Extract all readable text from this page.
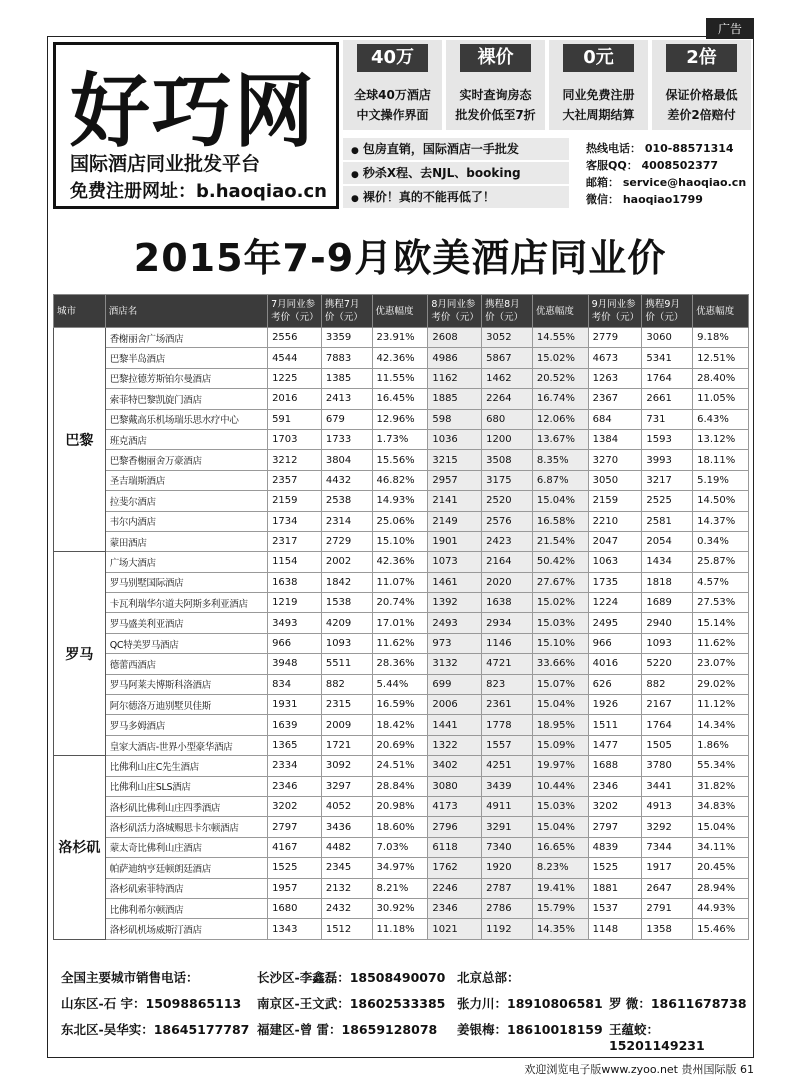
广告
好巧网
国际酒店同业批发平台
免费注册网址：b.haoqiao.cn
40万
全球40万酒店
中文操作界面
裸价
实时查询房态
批发价低至7折
0元
同业免费注册
大社周期结算
2倍
保证价格最低
差价2倍赔付
● 包房直销，国际酒店一手批发
● 秒杀X程、去NJL、booking
● 裸价！真的不能再低了！
热线电话： 010-88571314
客服QQ： 4008502377
邮箱： service@haoqiao.cn
微信： haoqiao1799
2015年7-9月欧美酒店同业价
城市	酒店名	7月同业参考价（元）	携程7月价（元）	优惠幅度	8月同业参考价（元）	携程8月价（元）	优惠幅度	9月同业参考价（元）	携程9月价（元）	优惠幅度
巴黎	香榭丽舍广场酒店	2556	3359	23.91%	2608	3052	14.55%	2779	3060	9.18%
	巴黎半岛酒店	4544	7883	42.36%	4986	5867	15.02%	4673	5341	12.51%
	巴黎拉德芳斯铂尔曼酒店	1225	1385	11.55%	1162	1462	20.52%	1263	1764	28.40%
	索菲特巴黎凯旋门酒店	2016	2413	16.45%	1885	2264	16.74%	2367	2661	11.05%
	巴黎戴高乐机场瑞乐思水疗中心	591	679	12.96%	598	680	12.06%	684	731	6.43%
	班克酒店	1703	1733	1.73%	1036	1200	13.67%	1384	1593	13.12%
	巴黎香榭丽舍万豪酒店	3212	3804	15.56%	3215	3508	8.35%	3270	3993	18.11%
	圣吉瑞斯酒店	2357	4432	46.82%	2957	3175	6.87%	3050	3217	5.19%
	拉斐尔酒店	2159	2538	14.93%	2141	2520	15.04%	2159	2525	14.50%
	韦尔内酒店	1734	2314	25.06%	2149	2576	16.58%	2210	2581	14.37%
	蒙田酒店	2317	2729	15.10%	1901	2423	21.54%	2047	2054	0.34%
罗马	广场大酒店	1154	2002	42.36%	1073	2164	50.42%	1063	1434	25.87%
	罗马别墅国际酒店	1638	1842	11.07%	1461	2020	27.67%	1735	1818	4.57%
	卡瓦利瑞华尔道夫阿斯多利亚酒店	1219	1538	20.74%	1392	1638	15.02%	1224	1689	27.53%
	罗马盛美利亚酒店	3493	4209	17.01%	2493	2934	15.03%	2495	2940	15.14%
	QC特美罗马酒店	966	1093	11.62%	973	1146	15.10%	966	1093	11.62%
	德蕾西酒店	3948	5511	28.36%	3132	4721	33.66%	4016	5220	23.07%
	罗马阿莱夫博斯科洛酒店	834	882	5.44%	699	823	15.07%	626	882	29.02%
	阿尔德洛万迪别墅贝佳斯	1931	2315	16.59%	2006	2361	15.04%	1926	2167	11.12%
	罗马多姆酒店	1639	2009	18.42%	1441	1778	18.95%	1511	1764	14.34%
	皇家大酒店-世界小型豪华酒店	1365	1721	20.69%	1322	1557	15.09%	1477	1505	1.86%
洛杉矶	比佛利山庄C先生酒店	2334	3092	24.51%	3402	4251	19.97%	1688	3780	55.34%
	比佛利山庄SLS酒店	2346	3297	28.84%	3080	3439	10.44%	2346	3441	31.82%
	洛杉矶比佛利山庄四季酒店	3202	4052	20.98%	4173	4911	15.03%	3202	4913	34.83%
	洛杉矶活力洛城赐思卡尔顿酒店	2797	3436	18.60%	2796	3291	15.04%	2797	3292	15.04%
	蒙太奇比佛利山庄酒店	4167	4482	7.03%	6118	7340	16.65%	4839	7344	34.11%
	帕萨迪纳亨廷顿朗廷酒店	1525	2345	34.97%	1762	1920	8.23%	1525	1917	20.45%
	洛杉矶索菲特酒店	1957	2132	8.21%	2246	2787	19.41%	1881	2647	28.94%
	比佛利希尔顿酒店	1680	2432	30.92%	2346	2786	15.79%	1537	2791	44.93%
	洛杉矶机场威斯汀酒店	1343	1512	11.18%	1021	1192	14.35%	1148	1358	15.46%
全国主要城市销售电话：	长沙区-李鑫磊：18508490070 北京总部：
山东区-石 宇：15098865113 南京区-王文武：18602533385 张力川：18910806581 罗 微：18611678738
东北区-吴华实：18645177787 福建区-曾 雷：18659128078 姜银梅：18610018159 王蕴蛟：15201149231
欢迎浏览电子版www.zyoo.net 贵州国际版 61
